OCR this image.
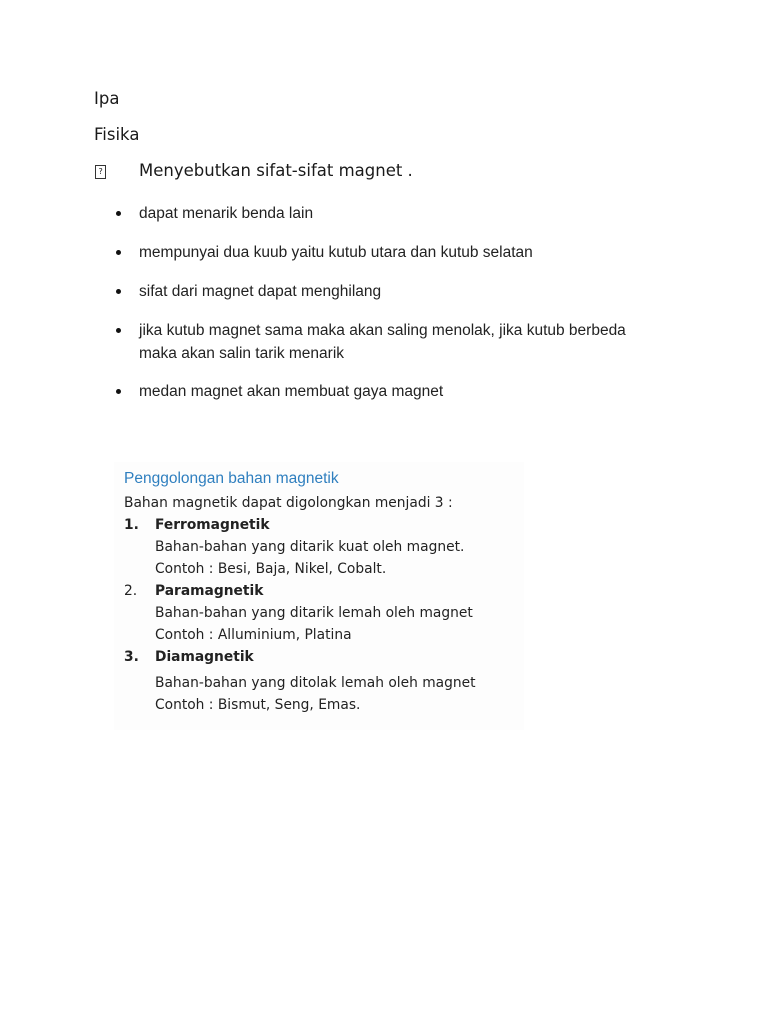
Ipa
Fisika
? Menyebutkan sifat-sifat magnet .
dapat menarik benda lain
mempunyai dua kuub yaitu kutub utara dan kutub selatan
sifat dari magnet dapat menghilang
jika kutub magnet sama maka akan saling menolak, jika kutub berbeda maka akan salin tarik menarik
medan magnet akan membuat gaya magnet
Penggolongan bahan magnetik
Bahan magnetik dapat digolongkan menjadi 3 :
1. Ferromagnetik
Bahan-bahan yang ditarik kuat oleh magnet.
Contoh : Besi, Baja, Nikel, Cobalt.
2. Paramagnetik
Bahan-bahan yang ditarik lemah oleh magnet
Contoh : Alluminium, Platina
3. Diamagnetik
Bahan-bahan yang ditolak lemah oleh magnet
Contoh : Bismut, Seng, Emas.
